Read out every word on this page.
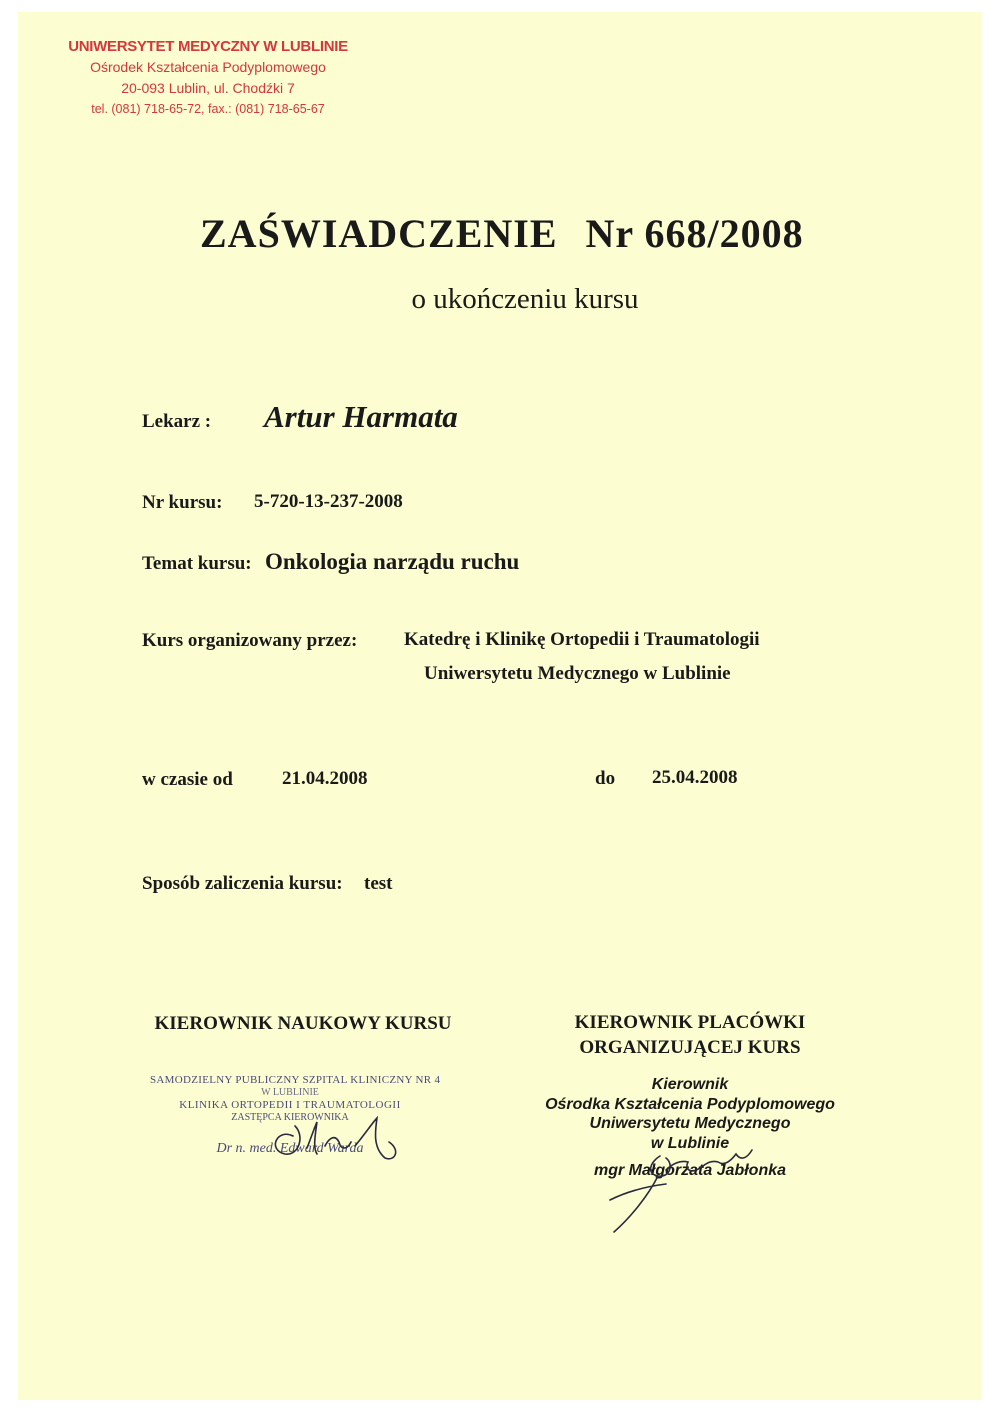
UNIWERSYTET MEDYCZNY W LUBLINIE
Ośrodek Kształcenia Podyplomowego
20-093 Lublin, ul. Chodźki 7
tel. (081) 718-65-72, fax.: (081) 718-65-67
ZAŚWIADCZENIE Nr 668/2008
o ukończeniu kursu
Lekarz : Artur Harmata
Nr kursu: 5-720-13-237-2008
Temat kursu: Onkologia narządu ruchu
Kurs organizowany przez: Katedrę i Klinikę Ortopedii i Traumatologii
Uniwersytetu Medycznego w Lublinie
w czasie od	21.04.2008	do 25.04.2008
Sposób zaliczenia kursu: test
KIEROWNIK NAUKOWY KURSU	KIEROWNIK PLACÓWKI
ORGANIZUJĄCEJ KURS
SAMODZIELNY PUBLICZNY SZPITAL KLINICZNY NR 4
W LUBLINIE
KLINIKA ORTOPEDII I TRAUMATOLOGII
ZASTĘPCA KIEROWNIKA
Dr n. med. Edward Warda
Kierownik
Ośrodka Kształcenia Podyplomowego
Uniwersytetu Medycznego
w Lublinie
mgr Małgorzata Jabłonka
